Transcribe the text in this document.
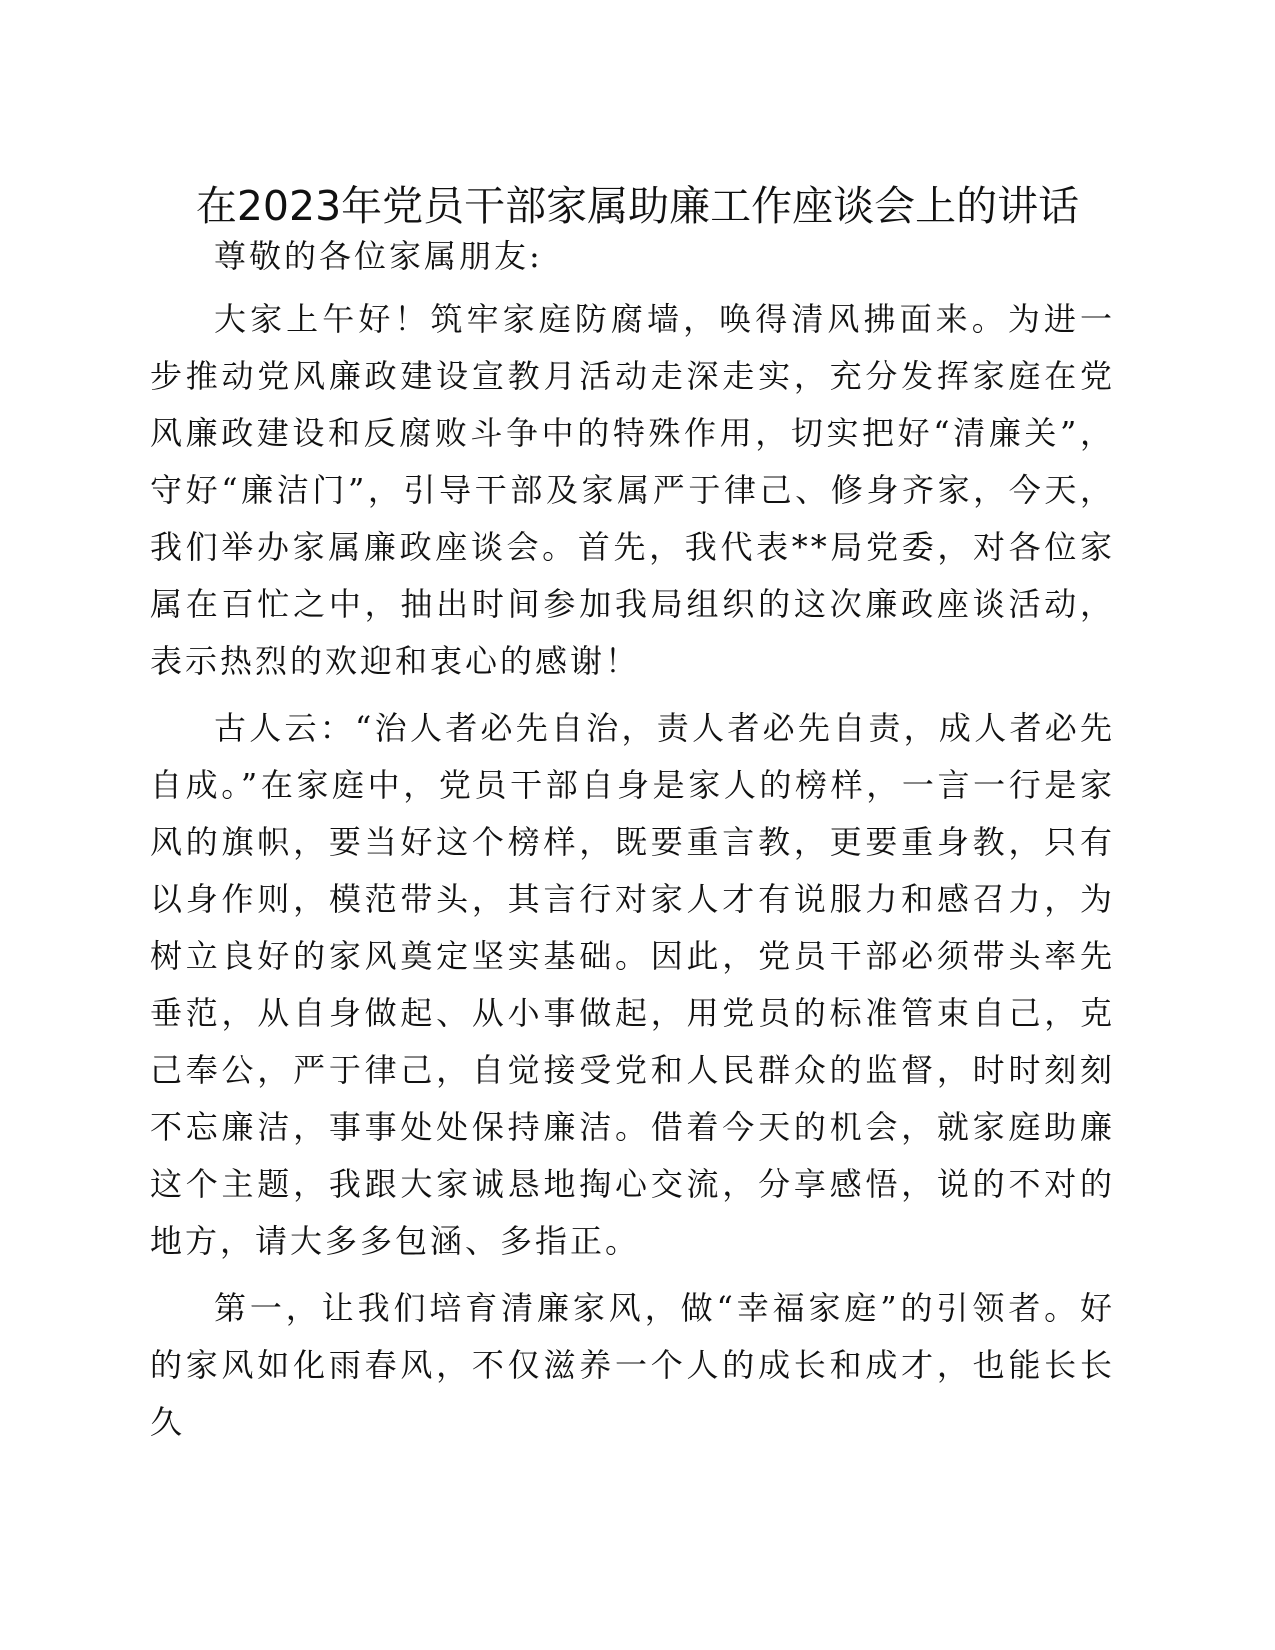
在2023年党员干部家属助廉工作座谈会上的讲话

尊敬的各位家属朋友:

大家上午好！筑牢家庭防腐墙，唤得清风拂面来。为进一步推动党风廉政建设宣教月活动走深走实，充分发挥家庭在党风廉政建设和反腐败斗争中的特殊作用，切实把好“清廉关”，守好“廉洁门”，引导干部及家属严于律己、修身齐家，今天，我们举办家属廉政座谈会。首先，我代表**局党委，对各位家属在百忙之中，抽出时间参加我局组织的这次廉政座谈活动，表示热烈的欢迎和衷心的感谢！

古人云：“治人者必先自治，责人者必先自责，成人者必先自成。”在家庭中，党员干部自身是家人的榜样，一言一行是家风的旗帜，要当好这个榜样，既要重言教，更要重身教，只有以身作则，模范带头，其言行对家人才有说服力和感召力，为树立良好的家风奠定坚实基础。因此，党员干部必须带头率先垂范，从自身做起、从小事做起，用党员的标准管束自己，克己奉公，严于律己，自觉接受党和人民群众的监督，时时刻刻不忘廉洁，事事处处保持廉洁。借着今天的机会，就家庭助廉这个主题，我跟大家诚恳地掏心交流，分享感悟，说的不对的地方，请大多多包涵、多指正。

第一，让我们培育清廉家风，做“幸福家庭”的引领者。好的家风如化雨春风，不仅滋养一个人的成长和成才，也能长长久
